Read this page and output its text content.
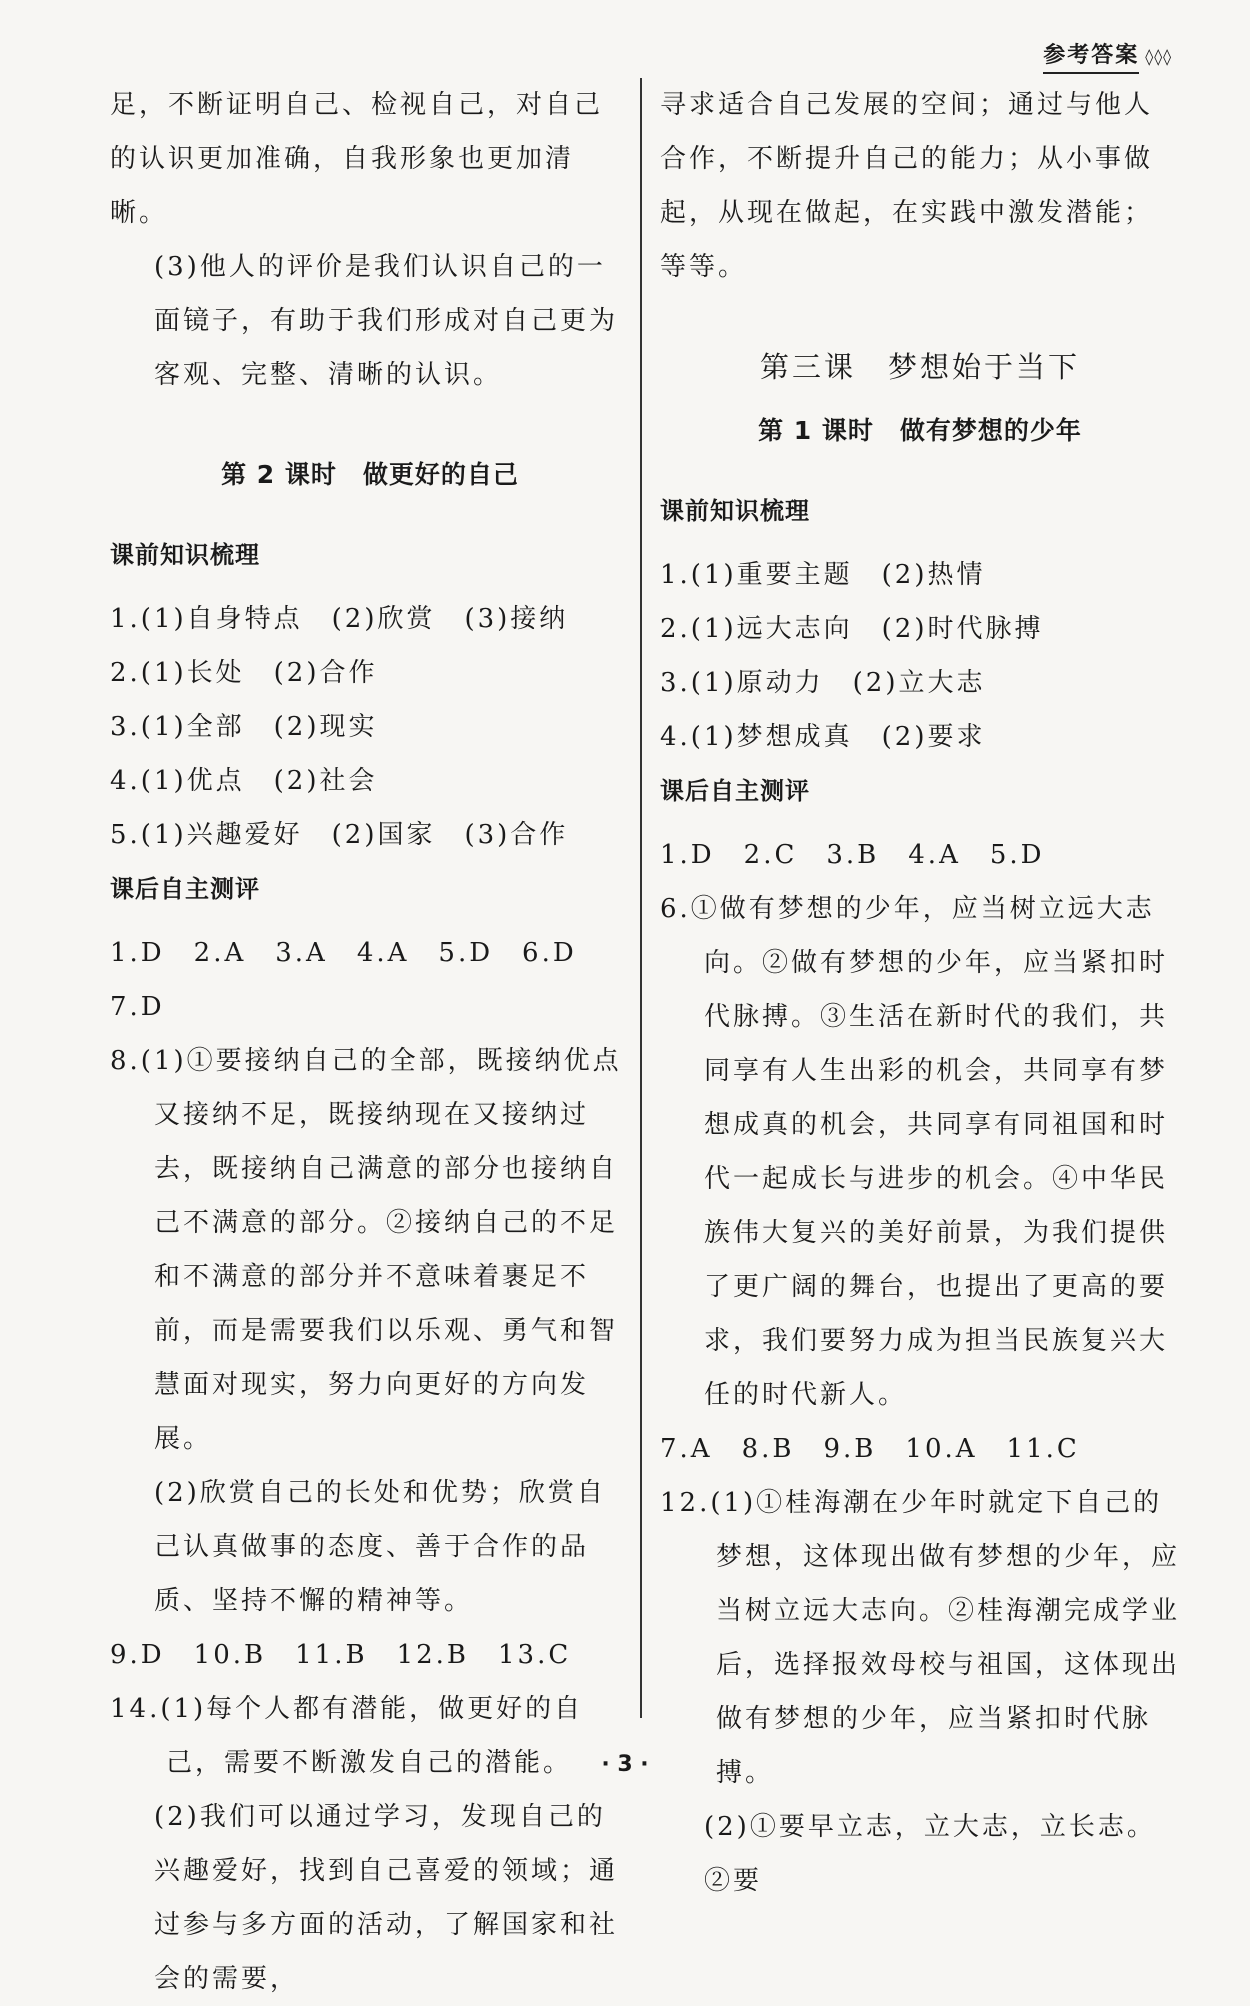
参考答案 ◊◊◊

足，不断证明自己、检视自己，对自己的认识更加准确，自我形象也更加清晰。

(3)他人的评价是我们认识自己的一面镜子，有助于我们形成对自己更为客观、完整、清晰的认识。

第 2 课时　做更好的自己

课前知识梳理

1.(1)自身特点　(2)欣赏　(3)接纳

2.(1)长处　(2)合作

3.(1)全部　(2)现实

4.(1)优点　(2)社会

5.(1)兴趣爱好　(2)国家　(3)合作

课后自主测评

1.D　2.A　3.A　4.A　5.D　6.D　7.D

8.(1)①要接纳自己的全部，既接纳优点又接纳不足，既接纳现在又接纳过去，既接纳自己满意的部分也接纳自己不满意的部分。②接纳自己的不足和不满意的部分并不意味着裹足不前，而是需要我们以乐观、勇气和智慧面对现实，努力向更好的方向发展。

(2)欣赏自己的长处和优势；欣赏自己认真做事的态度、善于合作的品质、坚持不懈的精神等。

9.D　10.B　11.B　12.B　13.C

14.(1)每个人都有潜能，做更好的自己，需要不断激发自己的潜能。

(2)我们可以通过学习，发现自己的兴趣爱好，找到自己喜爱的领域；通过参与多方面的活动，了解国家和社会的需要，

寻求适合自己发展的空间；通过与他人合作，不断提升自己的能力；从小事做起，从现在做起，在实践中激发潜能；等等。

第三课　梦想始于当下

第 1 课时　做有梦想的少年

课前知识梳理

1.(1)重要主题　(2)热情

2.(1)远大志向　(2)时代脉搏

3.(1)原动力　(2)立大志

4.(1)梦想成真　(2)要求

课后自主测评

1.D　2.C　3.B　4.A　5.D

6.①做有梦想的少年，应当树立远大志向。②做有梦想的少年，应当紧扣时代脉搏。③生活在新时代的我们，共同享有人生出彩的机会，共同享有梦想成真的机会，共同享有同祖国和时代一起成长与进步的机会。④中华民族伟大复兴的美好前景，为我们提供了更广阔的舞台，也提出了更高的要求，我们要努力成为担当民族复兴大任的时代新人。

7.A　8.B　9.B　10.A　11.C

12.(1)①桂海潮在少年时就定下自己的梦想，这体现出做有梦想的少年，应当树立远大志向。②桂海潮完成学业后，选择报效母校与祖国，这体现出做有梦想的少年，应当紧扣时代脉搏。

(2)①要早立志，立大志，立长志。②要

· 3 ·
